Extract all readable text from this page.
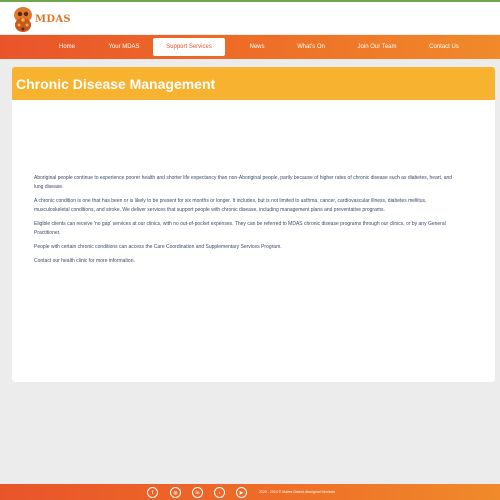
MDAS
Home	Your MDAS	Support Services	News	What's On	Join Our Team	Contact Us
Chronic Disease Management

Aboriginal people continue to experience poorer health and shorter life expectancy than non-Aboriginal people, partly because of higher rates of chronic disease such as diabetes, heart, and lung disease.

A chronic condition is one that has been or is likely to be present for six months or longer. It includes, but is not limited to asthma, cancer, cardiovascular illness, diabetes mellitus, musculoskeletal conditions, and stroke. We deliver services that support people with chronic disease, including management plans and preventative programs.

Eligible clients can receive 'no gap' services at our clinics, with no out-of-pocket expenses. They can be referred to MDAS chronic disease programs through our clinics, or by any General Practitioner.

People with certain chronic conditions can access the Care Coordination and Supplementary Services Program.

Contact our health clinic for more information.

f	◎	in	♪	▶	2020 - 2024 © Mallee District Aboriginal Services
